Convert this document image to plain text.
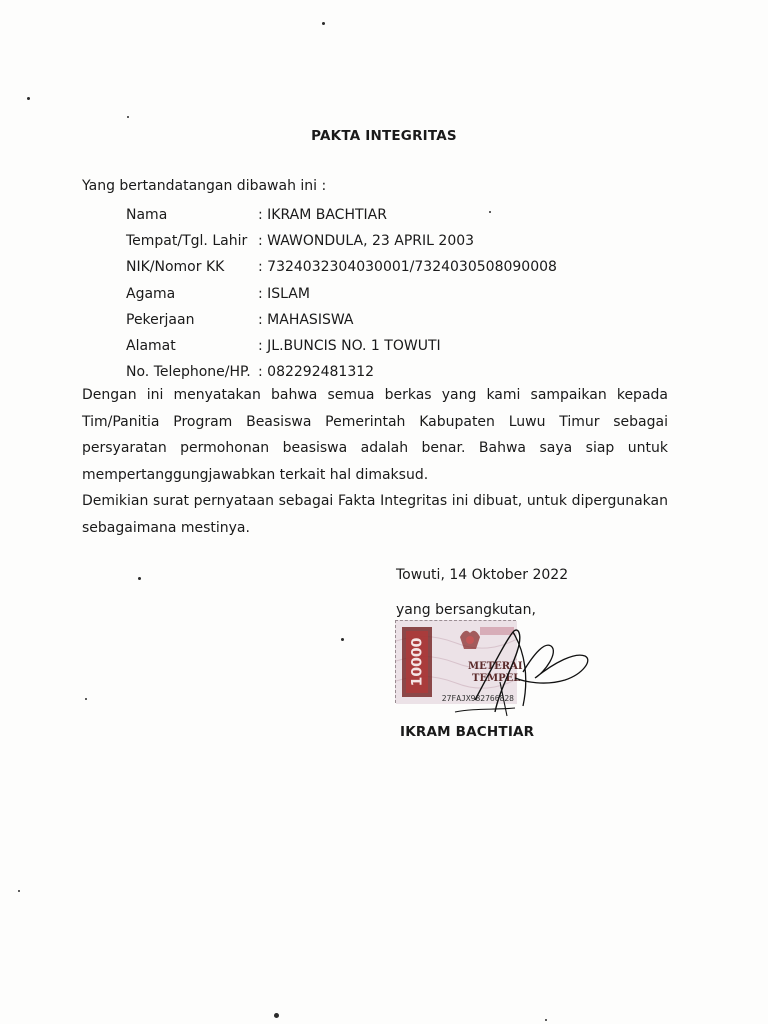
PAKTA INTEGRITAS
Yang bertandatangan dibawah ini :
Nama	: IKRAM BACHTIAR
Tempat/Tgl. Lahir : WAWONDULA, 23 APRIL 2003
NIK/Nomor KK	: 7324032304030001/7324030508090008
Agama	: ISLAM
Pekerjaan	: MAHASISWA
Alamat	: JL.BUNCIS NO. 1 TOWUTI
No. Telephone/HP. : 082292481312
Dengan ini menyatakan bahwa semua berkas yang kami sampaikan kepada Tim/Panitia Program Beasiswa Pemerintah Kabupaten Luwu Timur sebagai persyaratan permohonan beasiswa adalah benar. Bahwa saya siap untuk mempertanggungjawabkan terkait hal dimaksud.
Demikian surat pernyataan sebagai Fakta Integritas ini dibuat, untuk dipergunakan sebagaimana mestinya.
Towuti, 14 Oktober 2022
yang bersangkutan,
27FAJX982766828
10000	METERAI
TEMPEL
IKRAM BACHTIAR
